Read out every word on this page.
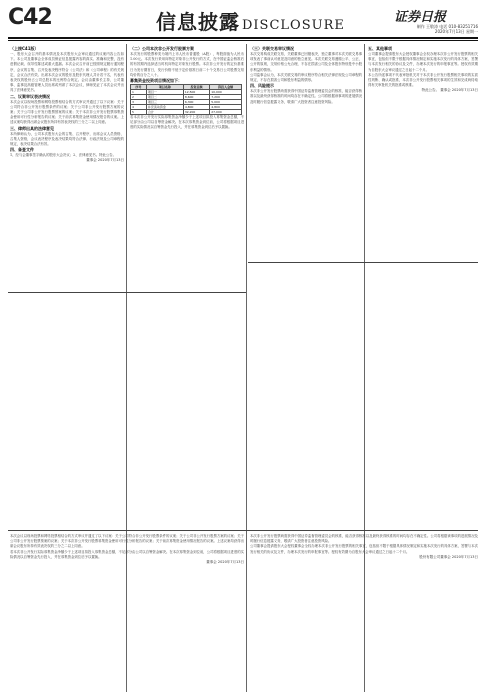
C42	信息披露 DISCLOSURE
证券日报
制作 王敬涛 电话 010-83251716
2020年7月13日 星期一
（上接C41版）
一、股东大会召开的基本情况及本次股东大会审议通过的议案内容公告如下。本公司及董事会全体成员保证信息披露内容的真实、准确和完整，没有虚假记载、误导性陈述或重大遗漏。本次会议召开前已按照规定履行通知程序，会议的召集、召开及表决程序符合《公司法》和《公司章程》的有关规定，会议合法有效。出席本次会议的股东及股东代理人共计若干名，代表有表决权的股份占公司总股本的比例符合规定。会议由董事长主持，公司董事、监事及高级管理人员出席或列席了本次会议，律师见证了本次会议并出具了法律意见书。
二、议案审议表决情况
本次会议以现场投票和网络投票相结合的方式审议并通过了以下议案：关于公司符合非公开发行股票条件的议案；关于公司非公开发行股票方案的议案；关于公司非公开发行股票预案的议案；关于本次非公开发行股票募集资金使用可行性分析报告的议案；关于前次募集资金使用情况报告的议案。上述议案均获得出席会议股东所持有效表决权的三分之二以上同意。
三、律师出具的法律意见
本所律师认为，公司本次股东大会的召集、召开程序，出席会议人员资格、召集人资格，会议表决程序及表决结果均符合法律、行政法规及公司章程的规定，表决结果合法有效。
四、备查文件
1、经与会董事签字确认的股东大会决议；2、法律意见书。特此公告。
董事会 2020年7月13日
（二）公司本次非公开发行股票方案
本次发行的股票种类为境内上市人民币普通股（A股），每股面值为人民币1.00元。本次发行采用向特定对象非公开发行的方式，在中国证监会核准后的有效期内选择适当时机向特定对象发行股票。本次非公开发行的定价基准日为发行期首日，发行价格不低于定价基准日前二十个交易日公司股票交易均价的百分之八十。
募集资金投资项目情况如下：
序号	项目名称	投资总额	拟投入金额
1	项目一	12,500	10,000
2	项目二	8,600	7,200
3	项目三	6,300	5,000
4	补充流动资金	4,800	4,800
5	合计	32,200	27,000
若本次非公开发行实际募集资金净额少于上述项目拟投入募集资金总额，不足部分由公司以自筹资金解决。在本次募集资金到位前，公司将根据项目进度的实际情况以自筹资金先行投入，并在募集资金到位后予以置换。
（三）关联交易审议情况
本次交易构成关联交易，关联董事已回避表决，独立董事对本次关联交易事项发表了事前认可意见及同意的独立意见。本次关联交易遵循公平、公正、公开的原则，交易价格公允合理，不存在损害公司及全体股东特别是中小股东利益的情形。
公司监事会认为，本次关联交易的审议程序符合相关法律法规及公司章程的规定，不存在损害公司和股东利益的情形。
四、风险提示
本次非公开发行股票尚需获得中国证券监督管理委员会的核准，能否获得核准以及最终获得核准的时间均存在不确定性。公司将根据该事项的进展情况及时履行信息披露义务，敬请广大投资者注意投资风险。
五、其他事项
公司董事会提请股东大会授权董事会全权办理本次非公开发行股票的相关事宜，包括但不限于根据具体情况制定和实施本次发行的具体方案，签署与本次发行相关的协议及文件，办理本次发行的申报事宜等。授权有效期为自股东大会审议通过之日起十二个月。
本公告所述事项不代表审批机关对于本次非公开发行股票相关事项的实质性判断、确认或批准，本次非公开发行股票相关事项的生效和完成尚待取得有关审批机关的批准或核准。
特此公告。 董事会 2020年7月13日
本次会议以现场投票和网络投票相结合的方式审议并通过了以下议案：关于公司符合非公开发行股票条件的议案；关于公司非公开发行股票方案的议案；关于公司非公开发行股票预案的议案；关于本次非公开发行股票募集资金使用可行性分析报告的议案；关于前次募集资金使用情况报告的议案。上述议案均获得出席会议股东所持有效表决权的三分之二以上同意。
若本次非公开发行实际募集资金净额少于上述项目拟投入募集资金总额，不足部分由公司以自筹资金解决。在本次募集资金到位前，公司将根据项目进度的实际情况以自筹资金先行投入，并在募集资金到位后予以置换。
董事会 2020年7月13日
本次非公开发行股票尚需获得中国证券监督管理委员会的核准，能否获得核准以及最终获得核准的时间均存在不确定性。公司将根据该事项的进展情况及时履行信息披露义务，敬请广大投资者注意投资风险。
公司董事会提请股东大会授权董事会全权办理本次非公开发行股票的相关事宜，包括但不限于根据具体情况制定和实施本次发行的具体方案，签署与本次发行相关的协议及文件，办理本次发行的申报事宜等。授权有效期为自股东大会审议通过之日起十二个月。
股份有限公司董事会 2020年7月13日
